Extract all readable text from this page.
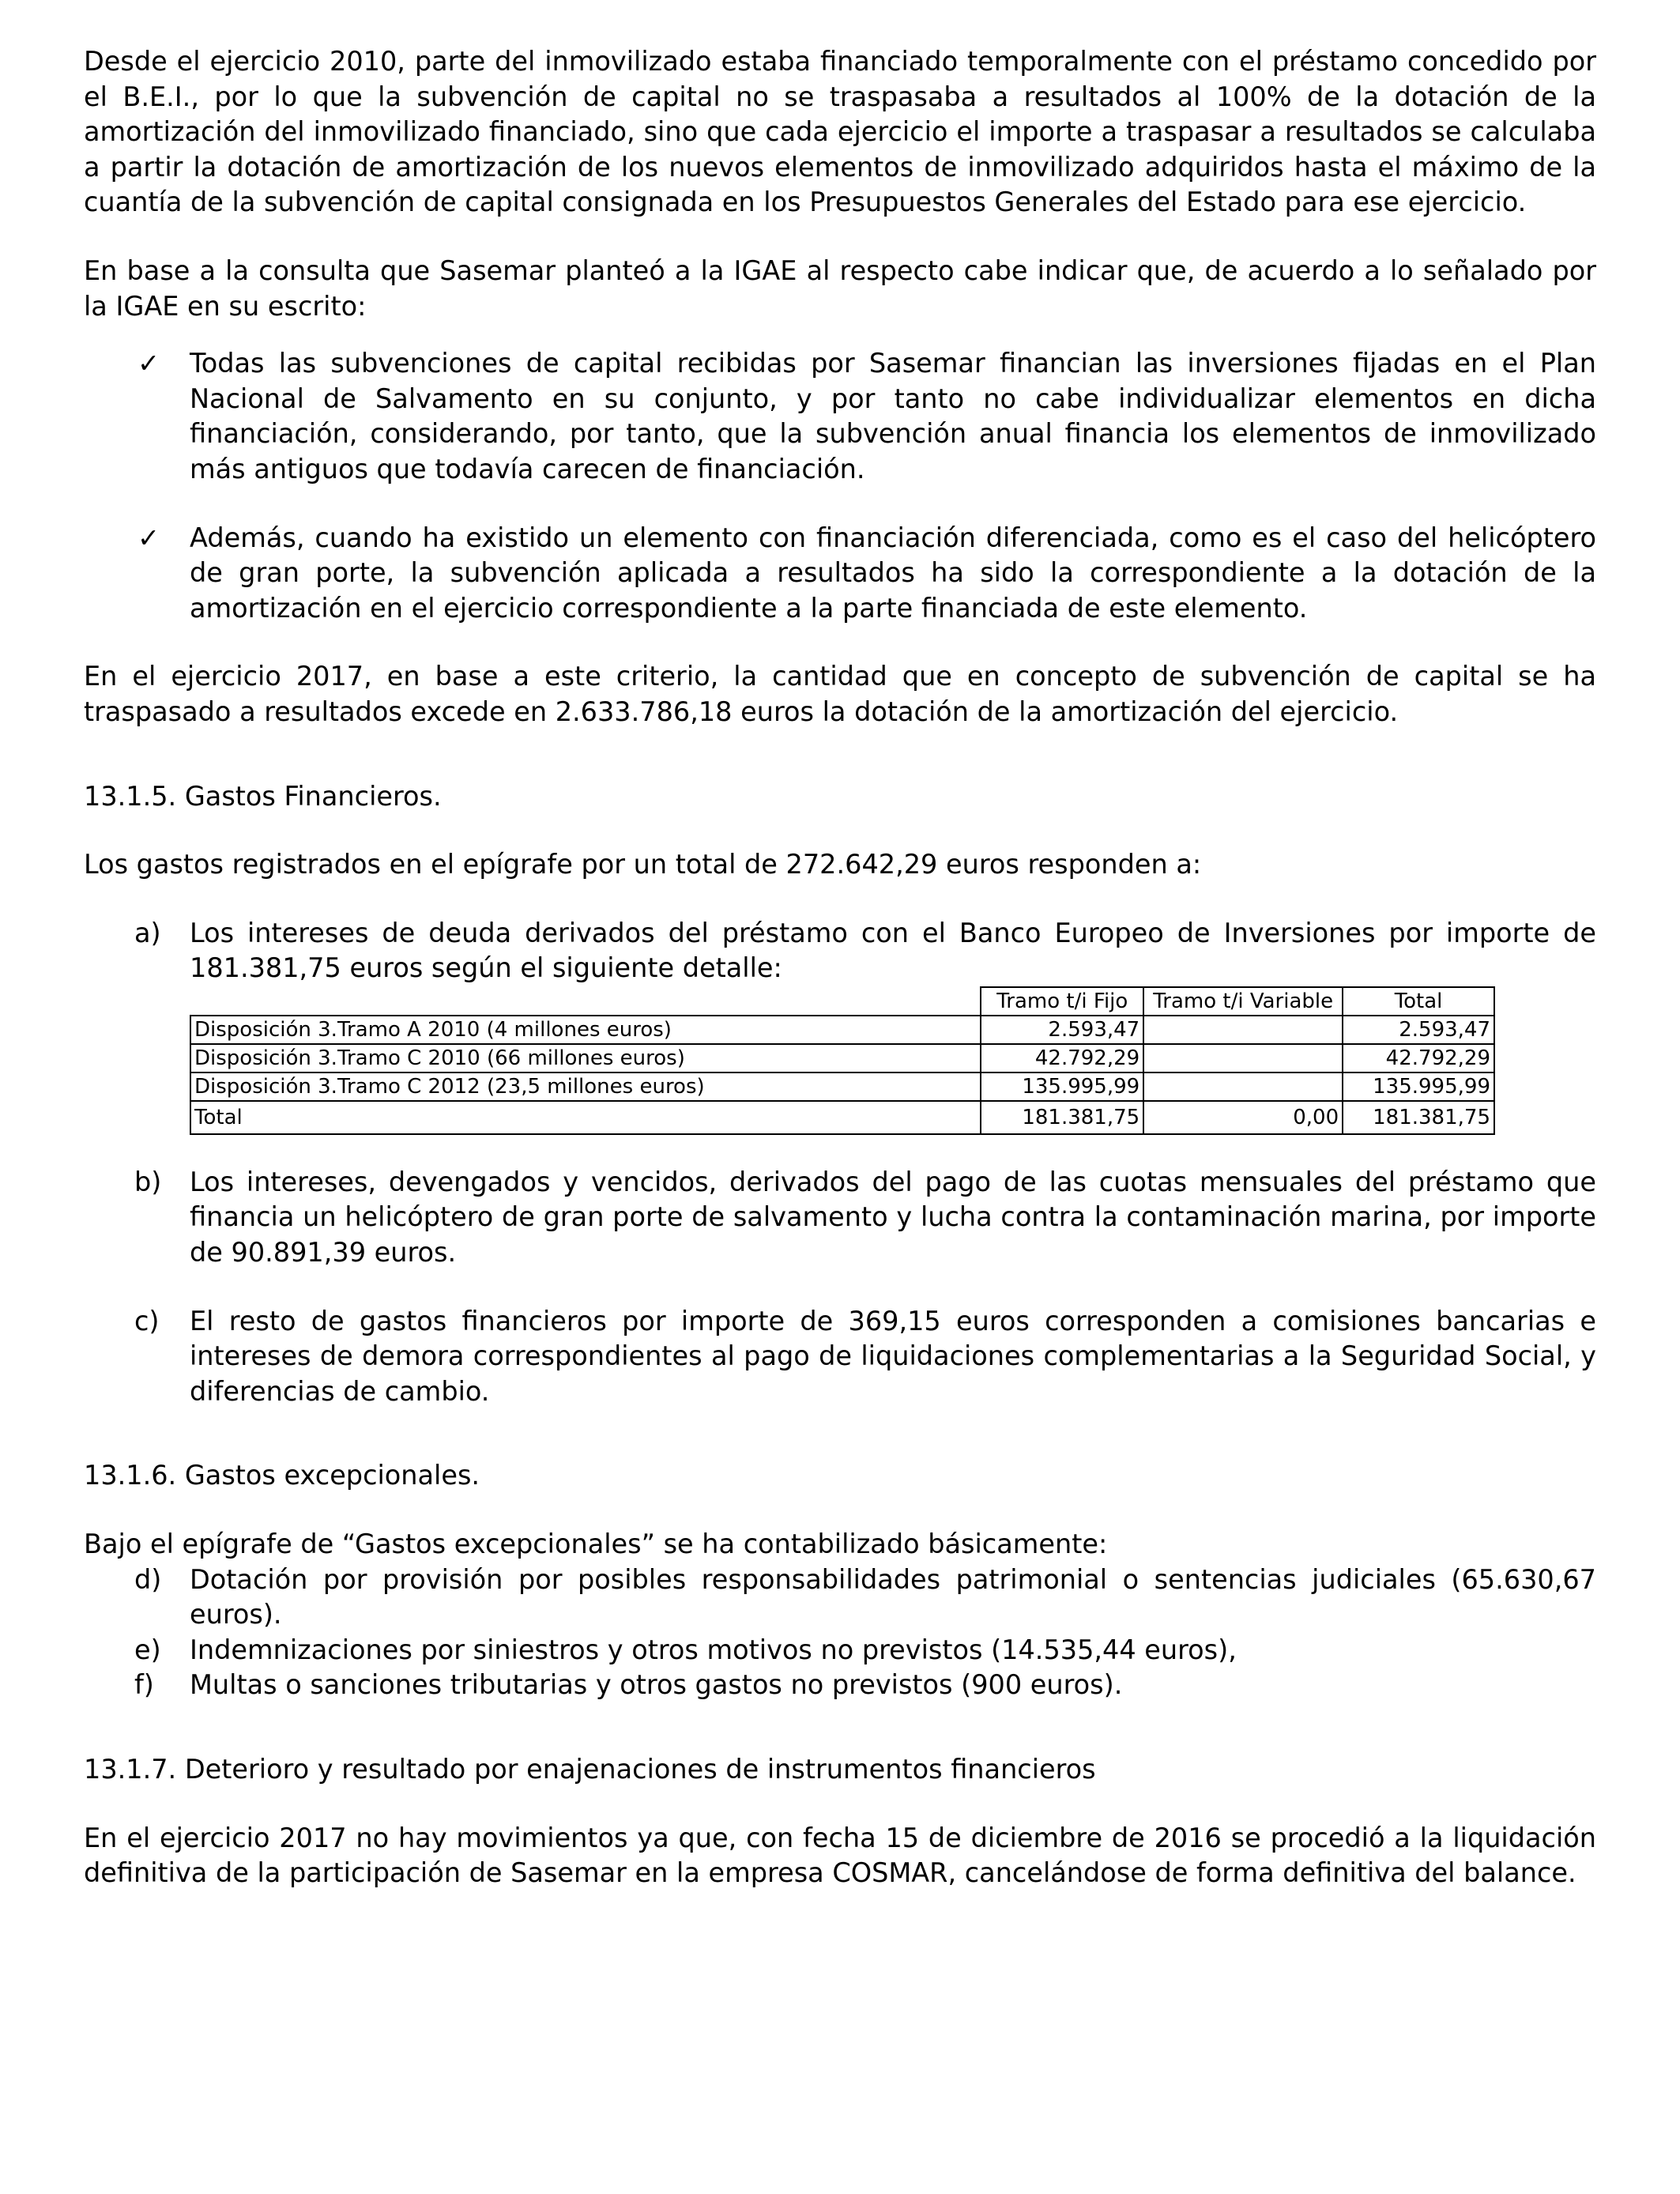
Desde el ejercicio 2010, parte del inmovilizado estaba financiado temporalmente con el préstamo concedido por el B.E.I., por lo que la subvención de capital no se traspasaba a resultados al 100% de la dotación de la amortización del inmovilizado financiado, sino que cada ejercicio el importe a traspasar a resultados se calculaba a partir la dotación de amortización de los nuevos elementos de inmovilizado adquiridos hasta el máximo de la cuantía de la subvención de capital consignada en los Presupuestos Generales del Estado para ese ejercicio.

En base a la consulta que Sasemar planteó a la IGAE al respecto cabe indicar que, de acuerdo a lo señalado por la IGAE en su escrito:

✓	Todas las subvenciones de capital recibidas por Sasemar financian las inversiones fijadas en el Plan Nacional de Salvamento en su conjunto, y por tanto no cabe individualizar elementos en dicha financiación, considerando, por tanto, que la subvención anual financia los elementos de inmovilizado más antiguos que todavía carecen de financiación.

✓	Además, cuando ha existido un elemento con financiación diferenciada, como es el caso del helicóptero de gran porte, la subvención aplicada a resultados ha sido la correspondiente a la dotación de la amortización en el ejercicio correspondiente a la parte financiada de este elemento.

En el ejercicio 2017, en base a este criterio, la cantidad que en concepto de subvención de capital se ha traspasado a resultados excede en 2.633.786,18 euros la dotación de la amortización del ejercicio.

13.1.5. Gastos Financieros.

Los gastos registrados en el epígrafe por un total de 272.642,29 euros responden a:

a)	Los intereses de deuda derivados del préstamo con el Banco Europeo de Inversiones por importe de 181.381,75 euros según el siguiente detalle:

	Tramo t/i Fijo	Tramo t/i Variable	Total
Disposición 3.Tramo A 2010 (4 millones euros)	2.593,47		2.593,47
Disposición 3.Tramo C 2010 (66 millones euros)	42.792,29		42.792,29
Disposición 3.Tramo C 2012 (23,5 millones euros)	135.995,99		135.995,99
Total	181.381,75	0,00	181.381,75
b)	Los intereses, devengados y vencidos, derivados del pago de las cuotas mensuales del préstamo que financia un helicóptero de gran porte de salvamento y lucha contra la contaminación marina, por importe de 90.891,39 euros.

c)	El resto de gastos financieros por importe de 369,15 euros corresponden a comisiones bancarias e intereses de demora correspondientes al pago de liquidaciones complementarias a la Seguridad Social, y diferencias de cambio.

13.1.6. Gastos excepcionales.

Bajo el epígrafe de “Gastos excepcionales” se ha contabilizado básicamente:

d)	Dotación por provisión por posibles responsabilidades patrimonial o sentencias judiciales (65.630,67 euros).

e)	Indemnizaciones por siniestros y otros motivos no previstos (14.535,44 euros),

f)	Multas o sanciones tributarias y otros gastos no previstos (900 euros).

13.1.7. Deterioro y resultado por enajenaciones de instrumentos financieros

En el ejercicio 2017 no hay movimientos ya que, con fecha 15 de diciembre de 2016 se procedió a la liquidación definitiva de la participación de Sasemar en la empresa COSMAR, cancelándose de forma definitiva del balance.
